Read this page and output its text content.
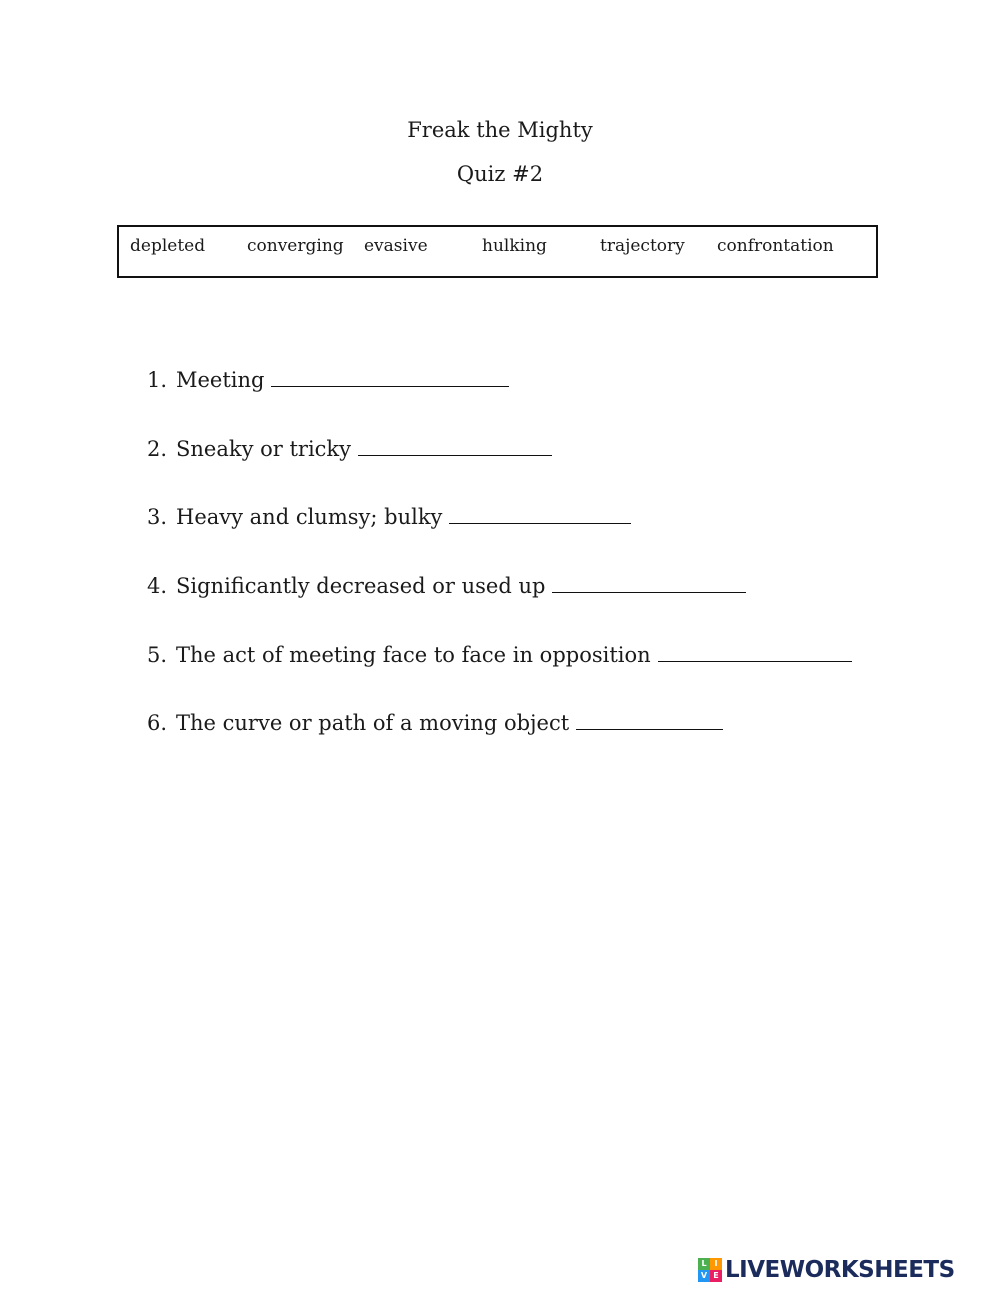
Freak the Mighty
Quiz #2
depleted converging evasive	hulking	trajectory confrontation
1. Meeting
2. Sneaky or tricky
3. Heavy and clumsy; bulky
4. Significantly decreased or used up
5. The act of meeting face to face in opposition
6. The curve or path of a moving object
L I
V E LIVEWORKSHEETS
